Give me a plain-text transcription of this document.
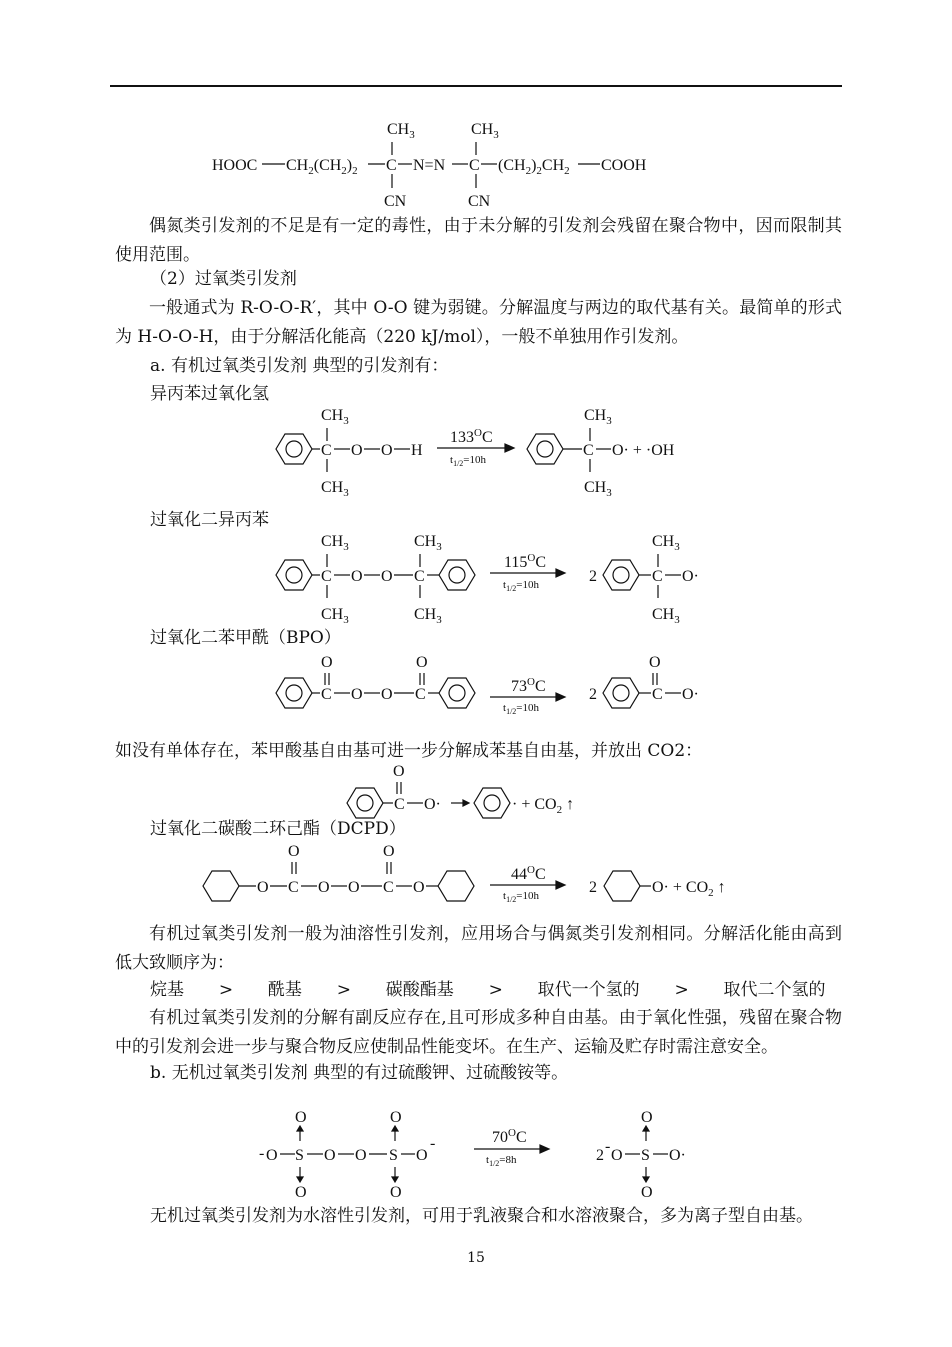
$CH_3$	$CH_3$
HOOC $CH_2(CH_2)_2$ C N=N C $(CH_2)_2CH_2$ COOH
CN	CN
$CH_3$
C O O H
$133^OC$
$t_{1/2}=10h$
$CH_3$
$CH_3$
C O· + ·OH
$CH_3$
$CH_3$	$CH_3$
C O O C
$CH_3$	$CH_3$
$115^OC$
$t_{1/2}=10h$	2
$CH_3$
C O·
$CH_3$
O	O
C O O C	$73^OC$
$t_{1/2}=10h$
2
O
C O·
O
C O·	· + $CO_2$ ↑
O	O
O C O O C O
$44^OC$
$t_{1/2}=10h$	2	$O\cdot + CO_2$ ↑
O	O	O
- O S O O S O
-
O	O	O
$70^OC$
$t_{1/2}=8h$	2
-
O S O·
偶氮类引发剂的不足是有一定的毒性，由于未分解的引发剂会残留在聚合物中，因而限制其使用范围。
（2）过氧类引发剂
一般通式为 R-O-O-R′，其中 O-O 键为弱键。分解温度与两边的取代基有关。最简单的形式为 H-O-O-H，由于分解活化能高（220 kJ/mol），一般不单独用作引发剂。
a. 有机过氧类引发剂 典型的引发剂有：
异丙苯过氧化氢
过氧化二异丙苯
过氧化二苯甲酰（BPO）
如没有单体存在，苯甲酸基自由基可进一步分解成苯基自由基，并放出 CO2：
过氧化二碳酸二环己酯（DCPD）
有机过氧类引发剂一般为油溶性引发剂，应用场合与偶氮类引发剂相同。分解活化能由高到低大致顺序为：
烷基 > 酰基 > 碳酸酯基 > 取代一个氢的 > 取代二个氢的
有机过氧类引发剂的分解有副反应存在,且可形成多种自由基。由于氧化性强，残留在聚合物中的引发剂会进一步与聚合物反应使制品性能变坏。在生产、运输及贮存时需注意安全。
b. 无机过氧类引发剂 典型的有过硫酸钾、过硫酸铵等。
无机过氧类引发剂为水溶性引发剂，可用于乳液聚合和水溶液聚合，多为离子型自由基。
15
